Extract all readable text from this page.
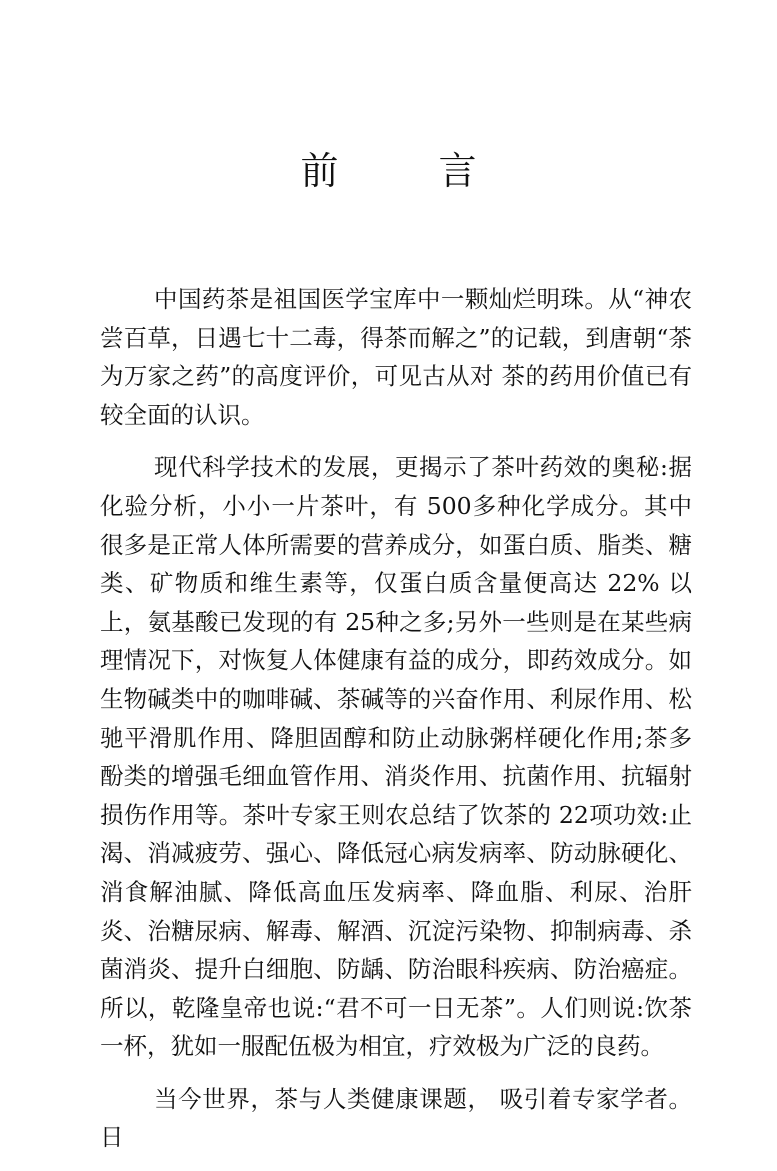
前 言

中国药茶是祖国医学宝库中一颗灿烂明珠。从“神农尝百草，日遇七十二毒，得茶而解之”的记载，到唐朝“茶为万家之药”的高度评价，可见古从对 茶的药用价值已有较全面的认识。

现代科学技术的发展，更揭示了茶叶药效的奥秘:据化验分析，小小一片茶叶，有 500多种化学成分。其中很多是正常人体所需要的营养成分，如蛋白质、脂类、糖类、矿物质和维生素等，仅蛋白质含量便高达 22% 以上，氨基酸已发现的有 25种之多;另外一些则是在某些病理情况下，对恢复人体健康有益的成分，即药效成分。如生物碱类中的咖啡碱、茶碱等的兴奋作用、利尿作用、松驰平滑肌作用、降胆固醇和防止动脉粥样硬化作用;茶多酚类的增强毛细血管作用、消炎作用、抗菌作用、抗辐射损伤作用等。茶叶专家王则农总结了饮茶的 22项功效:止渴、消减疲劳、强心、降低冠心病发病率、防动脉硬化、消食解油腻、降低高血压发病率、降血脂、利尿、治肝炎、治糖尿病、解毒、解酒、沉淀污染物、抑制病毒、杀菌消炎、提升白细胞、防龋、防治眼科疾病、防治癌症。所以，乾隆皇帝也说:“君不可一日无茶”。人们则说:饮茶一杯，犹如一服配伍极为相宜，疗效极为广泛的良药。

当今世界，茶与人类健康课题， 吸引着专家学者。日
